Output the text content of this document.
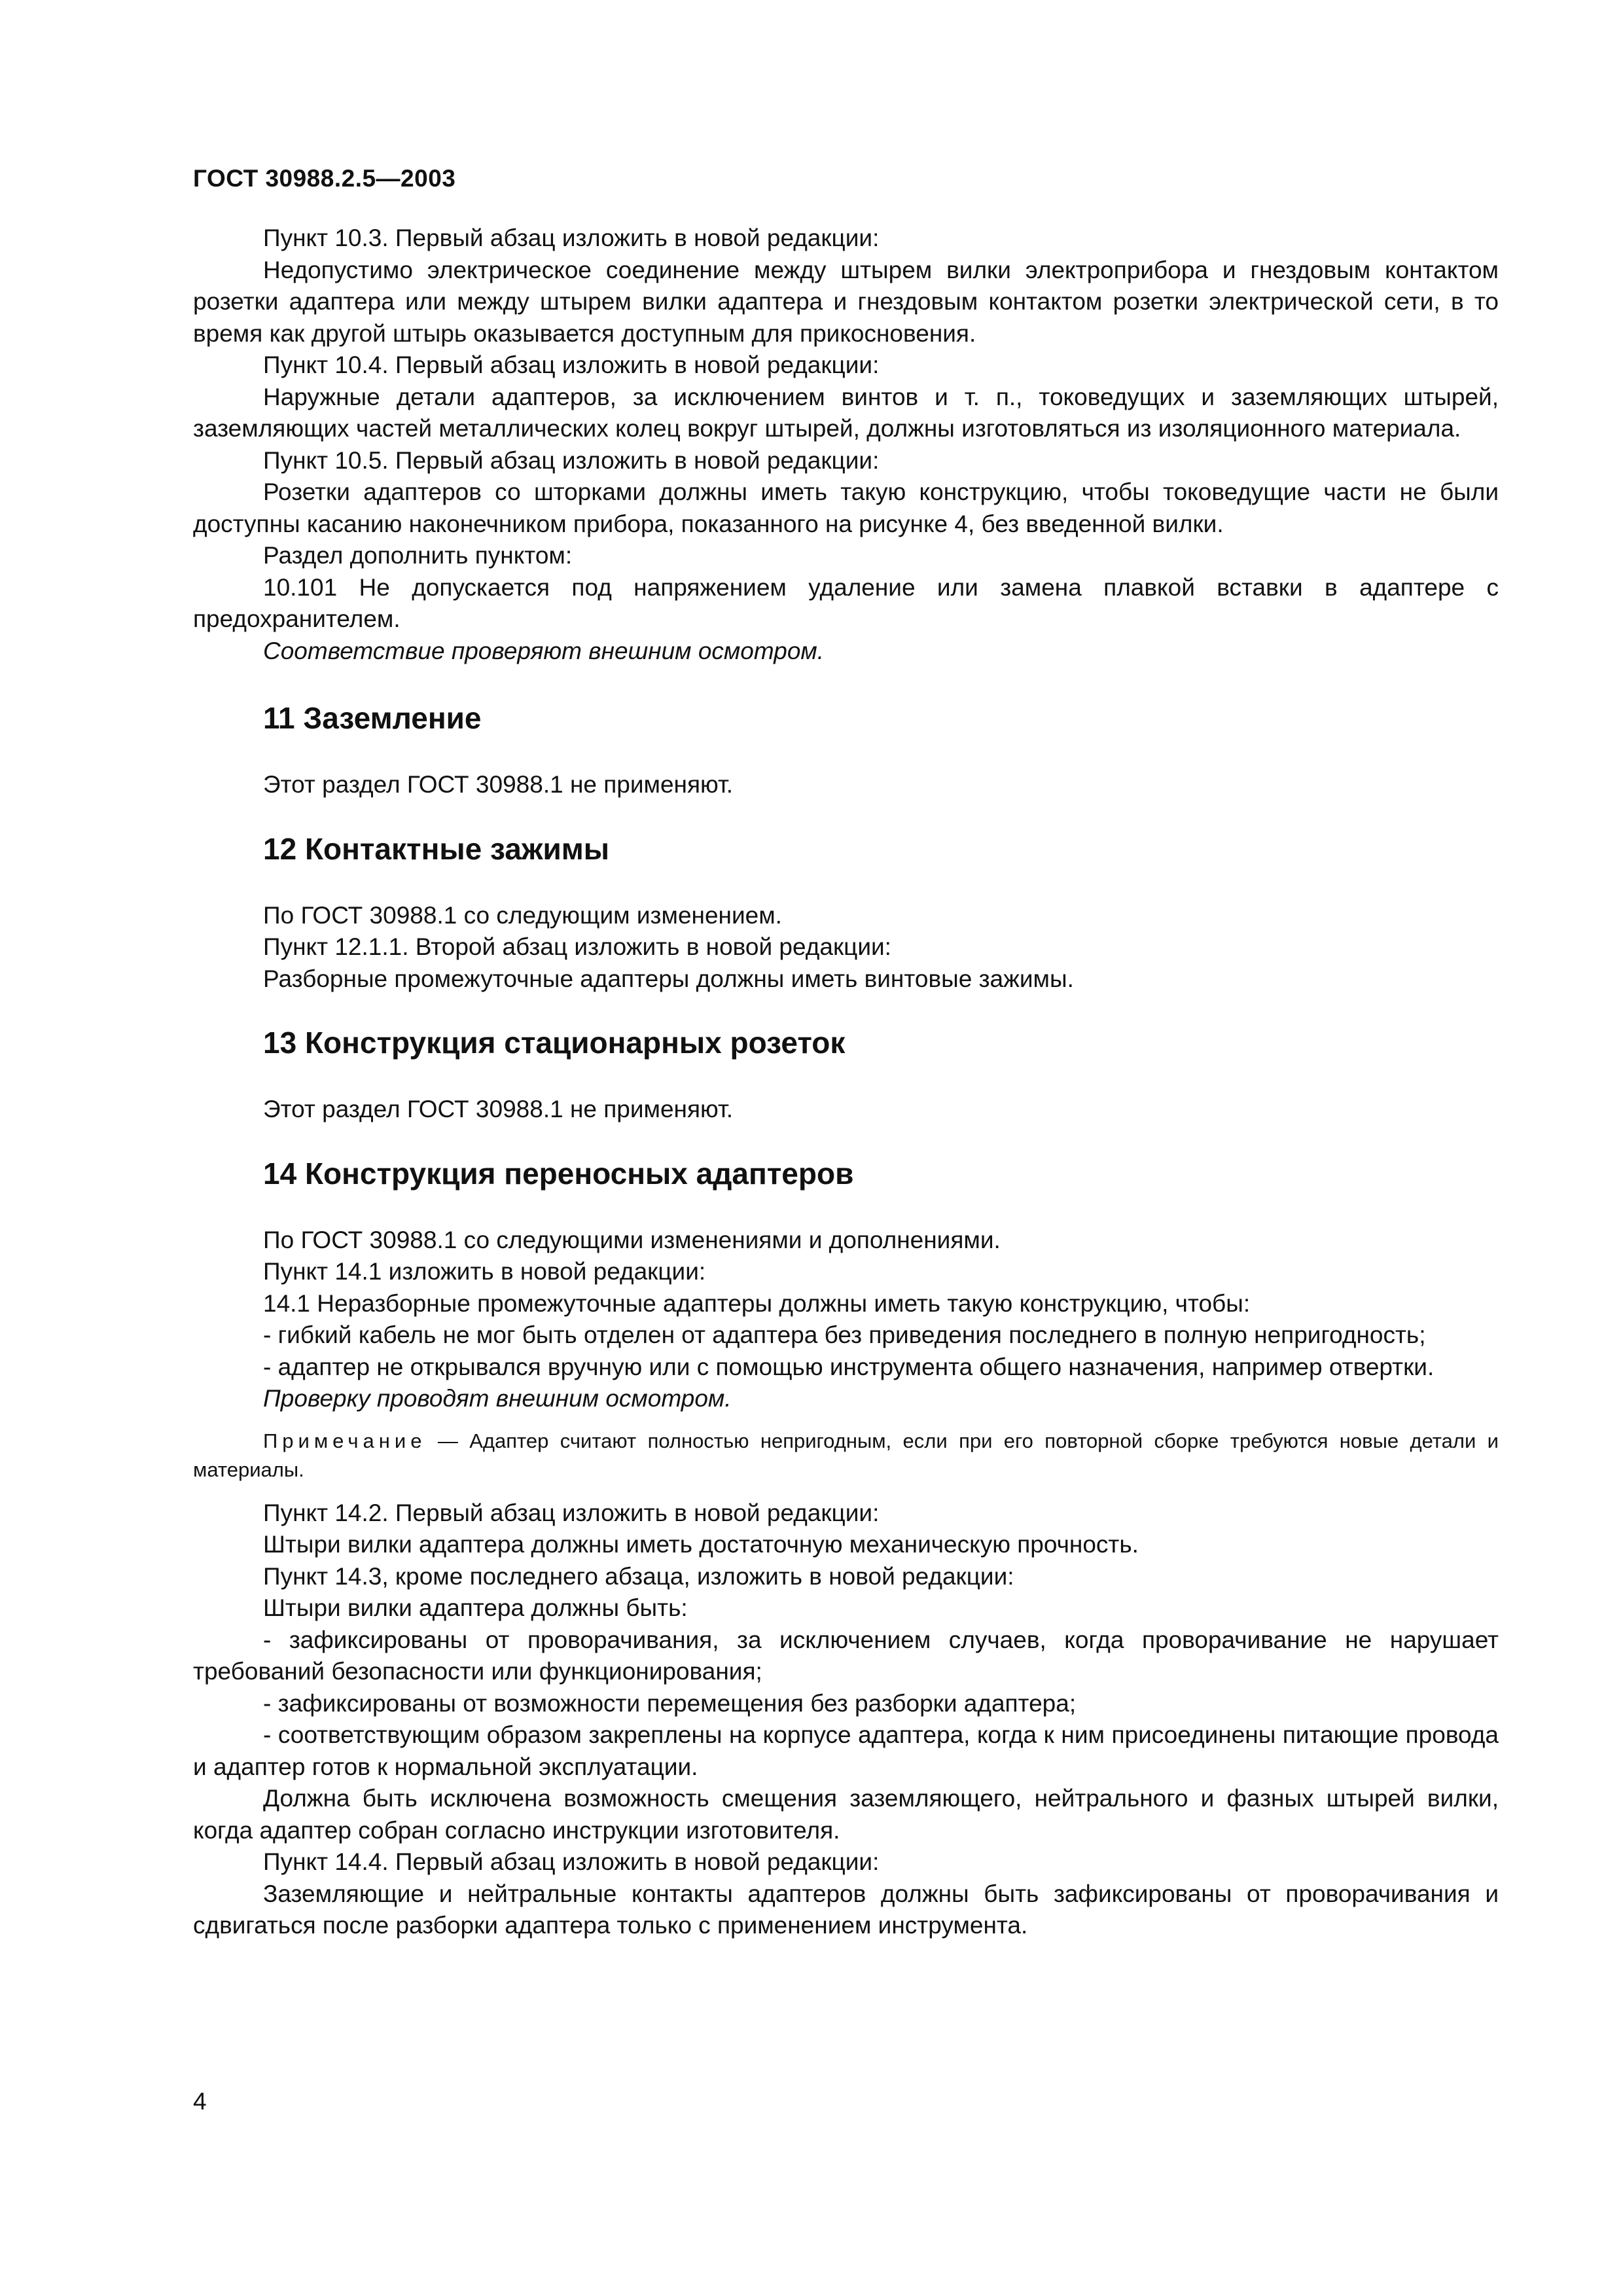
ГОСТ 30988.2.5—2003

Пункт 10.3. Первый абзац изложить в новой редакции:

Недопустимо электрическое соединение между штырем вилки электроприбора и гнездовым контактом розетки адаптера или между штырем вилки адаптера и гнездовым контактом розетки электрической сети, в то время как другой штырь оказывается доступным для прикосновения.

Пункт 10.4. Первый абзац изложить в новой редакции:

Наружные детали адаптеров, за исключением винтов и т. п., токоведущих и заземляющих штырей, заземляющих частей металлических колец вокруг штырей, должны изготовляться из изоляционного материала.

Пункт 10.5. Первый абзац изложить в новой редакции:

Розетки адаптеров со шторками должны иметь такую конструкцию, чтобы токоведущие части не были доступны касанию наконечником прибора, показанного на рисунке 4, без введенной вилки.

Раздел дополнить пунктом:

10.101 Не допускается под напряжением удаление или замена плавкой вставки в адаптере с предохранителем.

Соответствие проверяют внешним осмотром.

11 Заземление

Этот раздел ГОСТ 30988.1 не применяют.

12 Контактные зажимы

По ГОСТ 30988.1 со следующим изменением.

Пункт 12.1.1. Второй абзац изложить в новой редакции:

Разборные промежуточные адаптеры должны иметь винтовые зажимы.

13 Конструкция стационарных розеток

Этот раздел ГОСТ 30988.1 не применяют.

14 Конструкция переносных адаптеров

По ГОСТ 30988.1 со следующими изменениями и дополнениями.

Пункт 14.1 изложить в новой редакции:

14.1 Неразборные промежуточные адаптеры должны иметь такую конструкцию, чтобы:

- гибкий кабель не мог быть отделен от адаптера без приведения последнего в полную непригодность;

- адаптер не открывался вручную или с помощью инструмента общего назначения, например отвертки.

Проверку проводят внешним осмотром.

Примечание — Адаптер считают полностью непригодным, если при его повторной сборке требуются новые детали и материалы.

Пункт 14.2. Первый абзац изложить в новой редакции:

Штыри вилки адаптера должны иметь достаточную механическую прочность.

Пункт 14.3, кроме последнего абзаца, изложить в новой редакции:

Штыри вилки адаптера должны быть:

- зафиксированы от проворачивания, за исключением случаев, когда проворачивание не нарушает требований безопасности или функционирования;

- зафиксированы от возможности перемещения без разборки адаптера;

- соответствующим образом закреплены на корпусе адаптера, когда к ним присоединены питающие провода и адаптер готов к нормальной эксплуатации.

Должна быть исключена возможность смещения заземляющего, нейтрального и фазных штырей вилки, когда адаптер собран согласно инструкции изготовителя.

Пункт 14.4. Первый абзац изложить в новой редакции:

Заземляющие и нейтральные контакты адаптеров должны быть зафиксированы от проворачивания и сдвигаться после разборки адаптера только с применением инструмента.

4
